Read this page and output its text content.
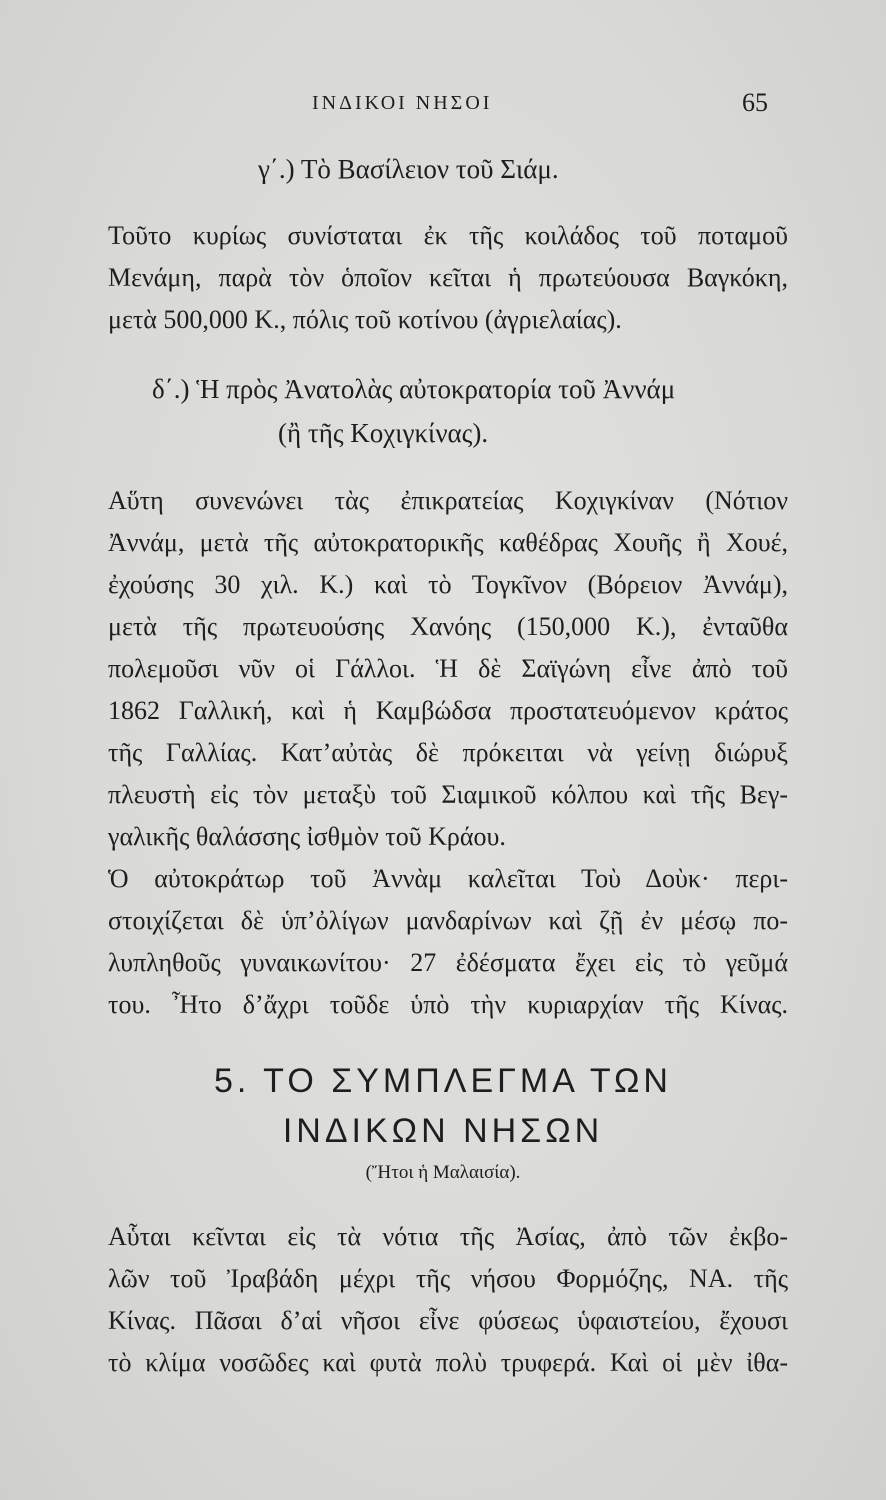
ΙΝΔΙΚΟΙ ΝΗΣΟΙ	65
γ΄.) Τὸ Βασίλειον τοῦ Σιάμ.
Τοῦτο κυρίως συνίσταται ἐκ τῆς κοιλάδος τοῦ ποταμοῦ
Μενάμη, παρὰ τὸν ὁποῖον κεῖται ἡ πρωτεύουσα Βαγκόκη,
μετὰ 500,000 Κ., πόλις τοῦ κοτίνου (ἀγριελαίας).
δ΄.) Ἡ πρὸς Ἀνατολὰς αὐτοκρατορία τοῦ Ἀννάμ
(ἢ τῆς Κοχιγκίνας).
Αὕτη συνενώνει τὰς ἐπικρατείας Κοχιγκίναν (Νότιον
Ἀννάμ, μετὰ τῆς αὐτοκρατορικῆς καθέδρας Χουῆς ἢ Χουέ,
ἐχούσης 30 χιλ. Κ.) καὶ τὸ Τογκῖνον (Βόρειον Ἀννάμ),
μετὰ τῆς πρωτευούσης Χανόης (150,000 Κ.), ἐνταῦθα
πολεμοῦσι νῦν οἱ Γάλλοι. Ἡ δὲ Σαϊγώνη εἶνε ἀπὸ τοῦ
1862 Γαλλική, καὶ ἡ Καμβώδσα προστατευόμενον κράτος
τῆς Γαλλίας. Κατ’αὐτὰς δὲ πρόκειται νὰ γείνῃ διώρυξ
πλευστὴ εἰς τὸν μεταξὺ τοῦ Σιαμικοῦ κόλπου καὶ τῆς Βεγ-
γαλικῆς θαλάσσης ἰσθμὸν τοῦ Κράου.
Ὁ αὐτοκράτωρ τοῦ Ἀννὰμ καλεῖται Τοὺ Δοὺκ· περι-
στοιχίζεται δὲ ὑπ’ὀλίγων μανδαρίνων καὶ ζῇ ἐν μέσῳ πο-
λυπληθοῦς γυναικωνίτου· 27 ἐδέσματα ἔχει εἰς τὸ γεῦμά
του. Ἦτο δ’ἄχρι τοῦδε ὑπὸ τὴν κυριαρχίαν τῆς Κίνας.
5. ΤΟ ΣΥΜΠΛΕΓΜΑ ΤΩΝ
ΙΝΔΙΚΩΝ ΝΗΣΩΝ
(Ἤτοι ἡ Μαλαισία).
Αὗται κεῖνται εἰς τὰ νότια τῆς Ἀσίας, ἀπὸ τῶν ἐκβο-
λῶν τοῦ Ἰραβάδη μέχρι τῆς νήσου Φορμόζης, ΝΑ. τῆς
Κίνας. Πᾶσαι δ’αἱ νῆσοι εἶνε φύσεως ὑφαιστείου, ἔχουσι
τὸ κλίμα νοσῶδες καὶ φυτὰ πολὺ τρυφερά. Καὶ οἱ μὲν ἰθα-
